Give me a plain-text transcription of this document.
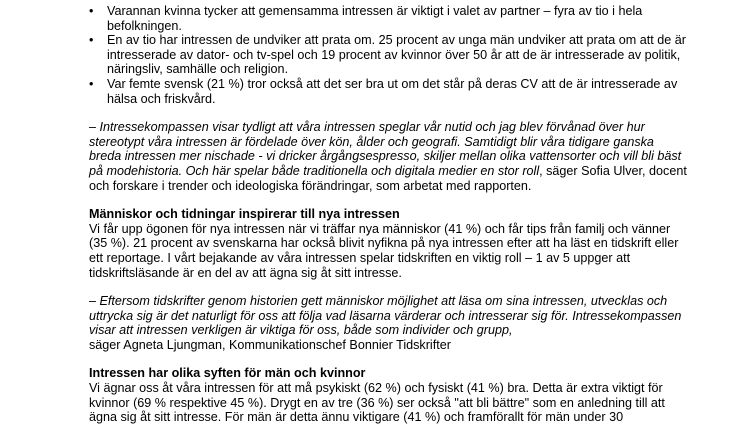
• Varannan kvinna tycker att gemensamma intressen är viktigt i valet av partner – fyra av tio i hela befolkningen.
• En av tio har intressen de undviker att prata om. 25 procent av unga män undviker att prata om att de är intresserade av dator- och tv-spel och 19 procent av kvinnor över 50 år att de är intresserade av politik, näringsliv, samhälle och religion.
• Var femte svensk (21 %) tror också att det ser bra ut om det står på deras CV att de är intresserade av hälsa och friskvård.

– Intressekompassen visar tydligt att våra intressen speglar vår nutid och jag blev förvånad över hur stereotypt våra intressen är fördelade över kön, ålder och geografi. Samtidigt blir våra tidigare ganska breda intressen mer nischade - vi dricker årgångsespresso, skiljer mellan olika vattensorter och vill bli bäst på modehistoria. Och här spelar både traditionella och digitala medier en stor roll, säger Sofia Ulver, docent och forskare i trender och ideologiska förändringar, som arbetat med rapporten.

Människor och tidningar inspirerar till nya intressen

Vi får upp ögonen för nya intressen när vi träffar nya människor (41 %) och får tips från familj och vänner (35 %). 21 procent av svenskarna har också blivit nyfikna på nya intressen efter att ha läst en tidskrift eller ett reportage. I vårt bejakande av våra intressen spelar tidskriften en viktig roll – 1 av 5 uppger att tidskriftsläsande är en del av att ägna sig åt sitt intresse.

– Eftersom tidskrifter genom historien gett människor möjlighet att läsa om sina intressen, utvecklas och uttrycka sig är det naturligt för oss att följa vad läsarna värderar och intresserar sig för. Intressekompassen visar att intressen verkligen är viktiga för oss, både som individer och grupp,
säger Agneta Ljungman, Kommunikationschef Bonnier Tidskrifter

Intressen har olika syften för män och kvinnor

Vi ägnar oss åt våra intressen för att må psykiskt (62 %) och fysiskt (41 %) bra. Detta är extra viktigt för kvinnor (69 % respektive 45 %). Drygt en av tre (36 %) ser också "att bli bättre" som en anledning till att ägna sig åt sitt intresse. För män är detta ännu viktigare (41 %) och framförallt för män under 30
